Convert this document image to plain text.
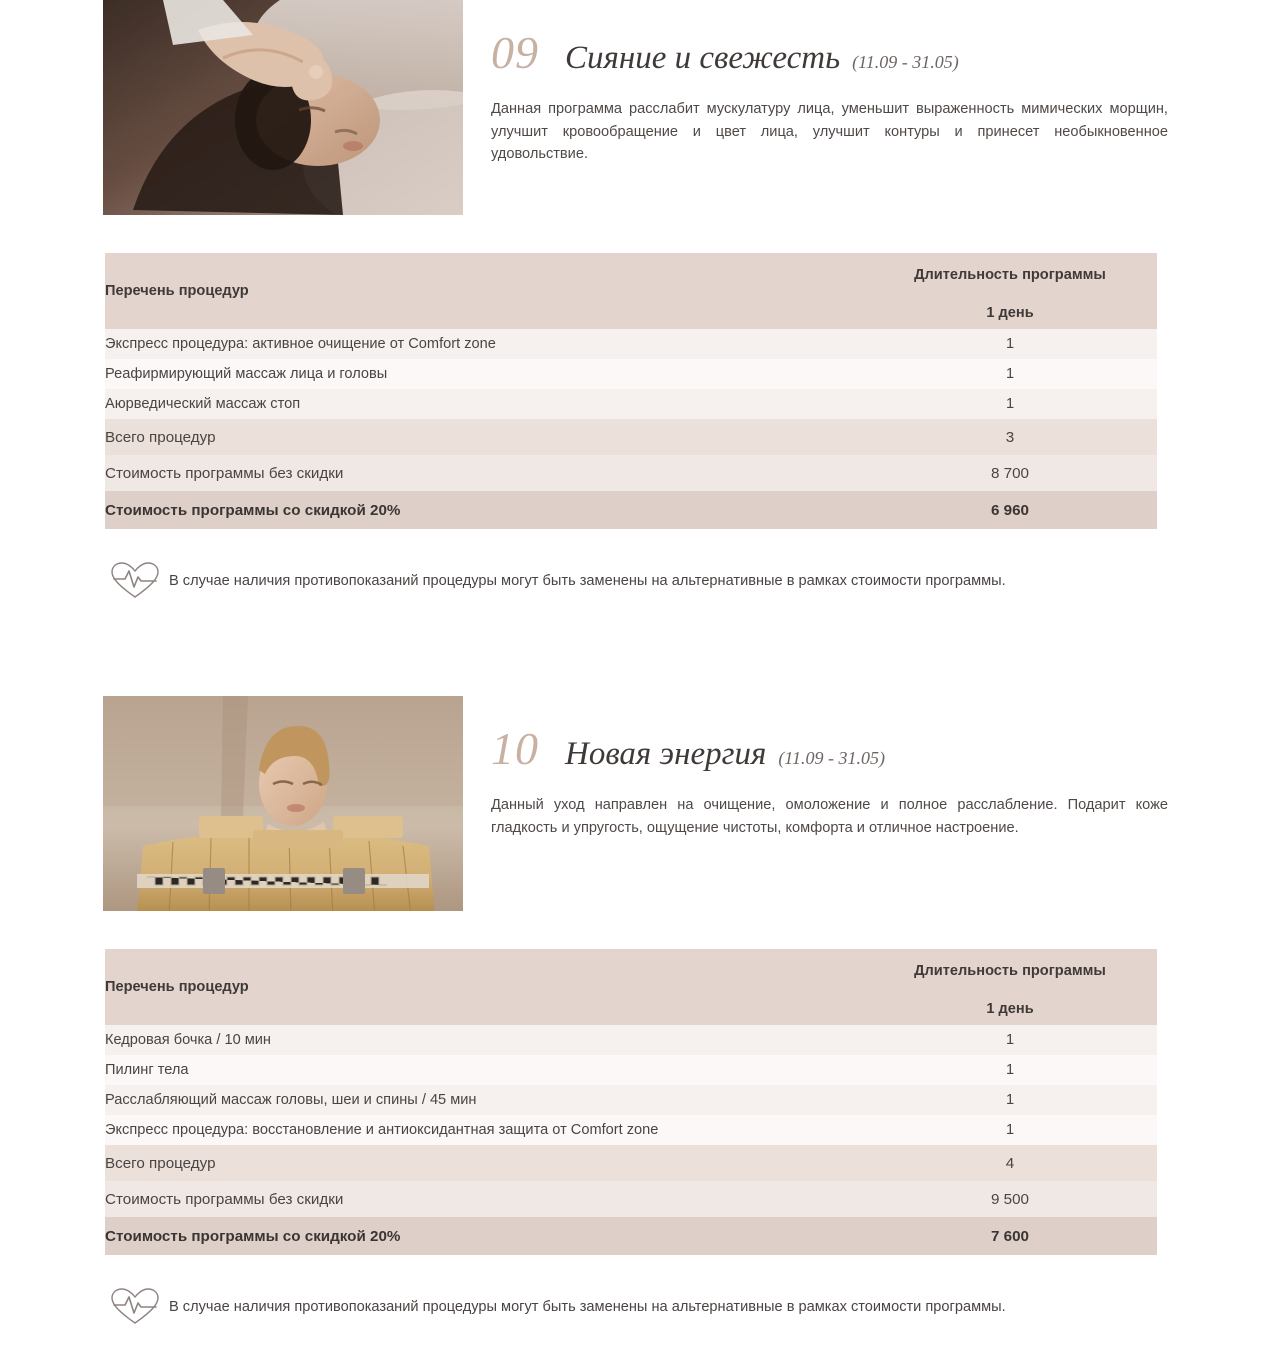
09 Сияние и свежесть (11.09 - 31.05)
Данная программа расслабит мускулатуру лица, уменьшит выраженность мимических морщин, улучшит кровообращение и цвет лица, улучшит контуры и принесет необыкновенное удовольствие.
Перечень процедур	Длительность программы
	1 день
Экспресс процедура: активное очищение от Comfort zone	1
Реафирмирующий массаж лица и головы	1
Аюрведический массаж стоп	1
Всего процедур	3
Стоимость программы без скидки	8 700
Стоимость программы со скидкой 20%	6 960
В случае наличия противопоказаний процедуры могут быть заменены на альтернативные в рамках стоимости программы.
10 Новая энергия (11.09 - 31.05)
Данный уход направлен на очищение, омоложение и полное расслабление. Подарит коже гладкость и упругость, ощущение чистоты, комфорта и отличное настроение.
Перечень процедур	Длительность программы
	1 день
Кедровая бочка / 10 мин	1
Пилинг тела	1
Расслабляющий массаж головы, шеи и спины / 45 мин	1
Экспресс процедура: восстановление и антиоксидантная защита от Comfort zone	1
Всего процедур	4
Стоимость программы без скидки	9 500
Стоимость программы со скидкой 20%	7 600
В случае наличия противопоказаний процедуры могут быть заменены на альтернативные в рамках стоимости программы.
